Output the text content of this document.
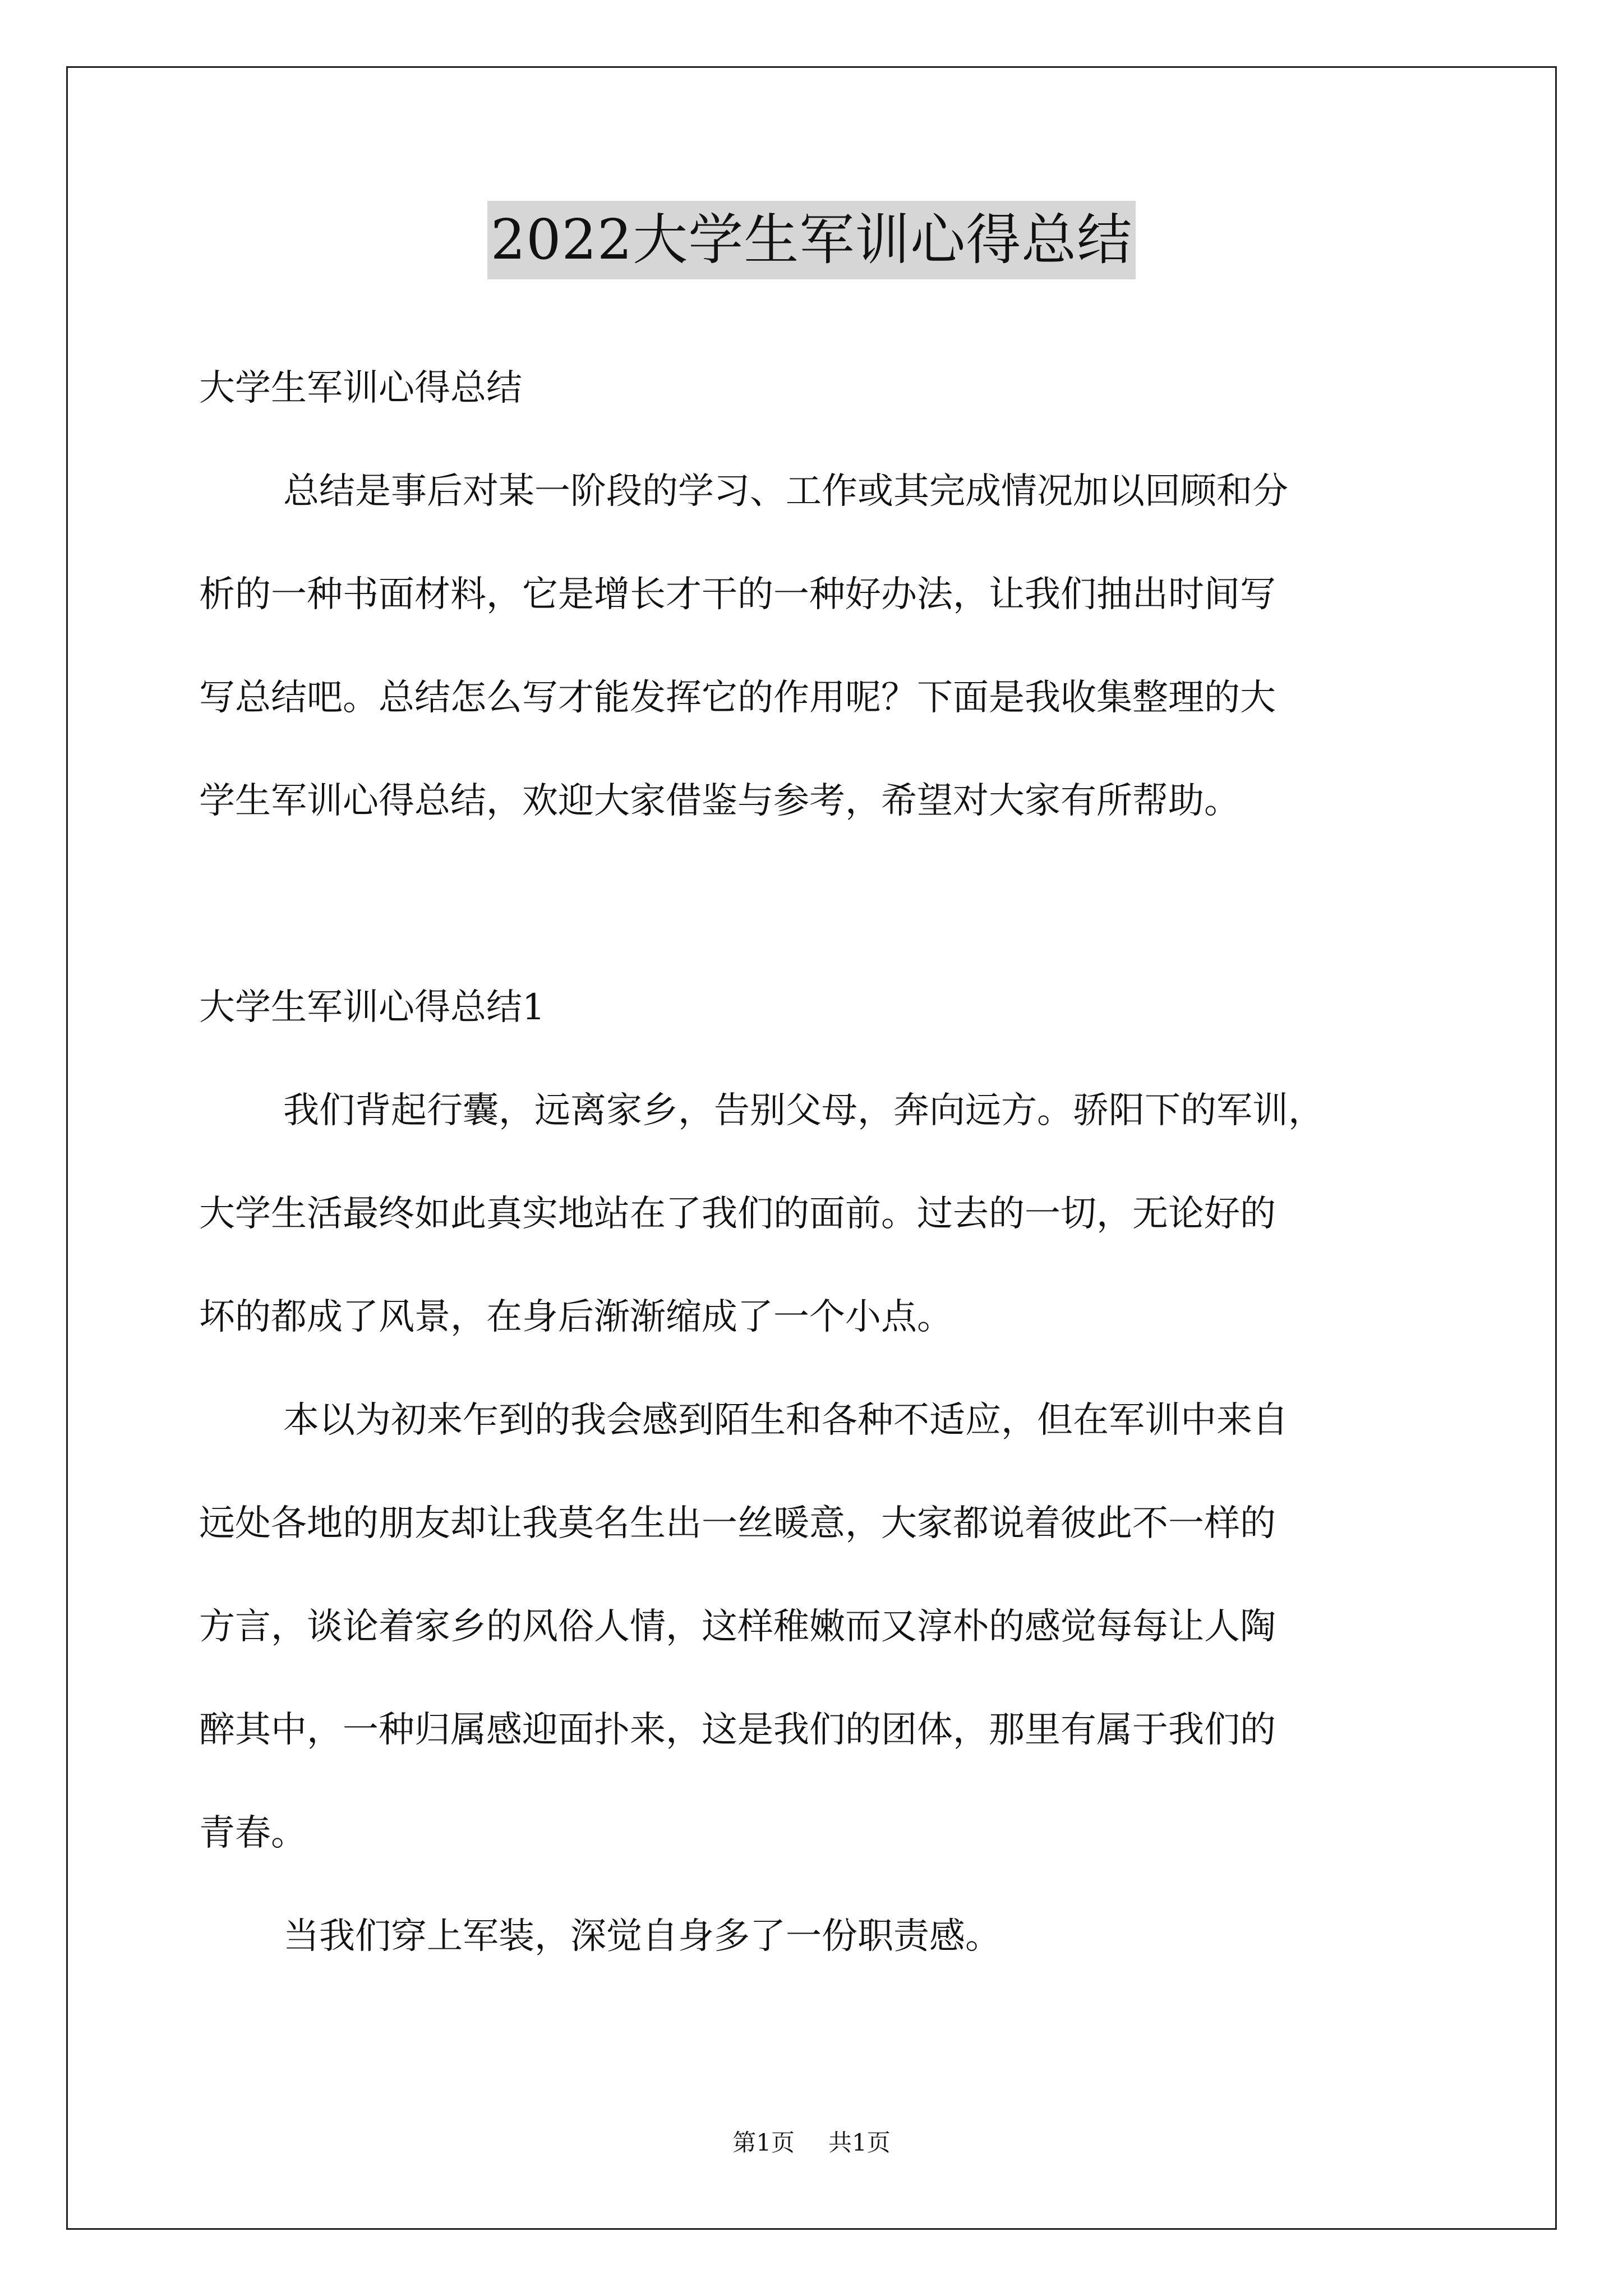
2022大学生军训心得总结
大学生军训心得总结
总结是事后对某一阶段的学习、工作或其完成情况加以回顾和分
析的一种书面材料，它是增长才干的一种好办法，让我们抽出时间写
写总结吧。总结怎么写才能发挥它的作用呢？下面是我收集整理的大
学生军训心得总结，欢迎大家借鉴与参考，希望对大家有所帮助。
大学生军训心得总结1
我们背起行囊，远离家乡，告别父母，奔向远方。骄阳下的军训，
大学生活最终如此真实地站在了我们的面前。过去的一切，无论好的
坏的都成了风景，在身后渐渐缩成了一个小点。
本以为初来乍到的我会感到陌生和各种不适应，但在军训中来自
远处各地的朋友却让我莫名生出一丝暖意，大家都说着彼此不一样的
方言，谈论着家乡的风俗人情，这样稚嫩而又淳朴的感觉每每让人陶
醉其中，一种归属感迎面扑来，这是我们的团体，那里有属于我们的
青春。
当我们穿上军装，深觉自身多了一份职责感。
第1页 共1页
